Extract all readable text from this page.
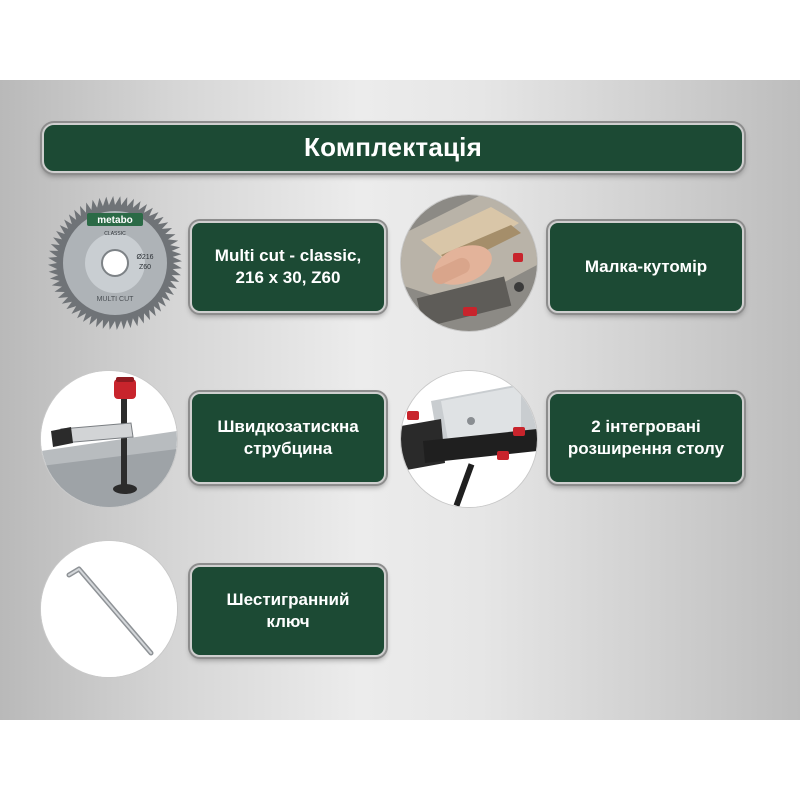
Комплектація
metabo
CLASSIC
Ø216
Z60
MULTI CUT
Multi cut - classic,
216 x 30, Z60
Малка-кутомір
Швидкозатискна
струбцина
2 інтегровані
розширення столу
Шестигранний
ключ
